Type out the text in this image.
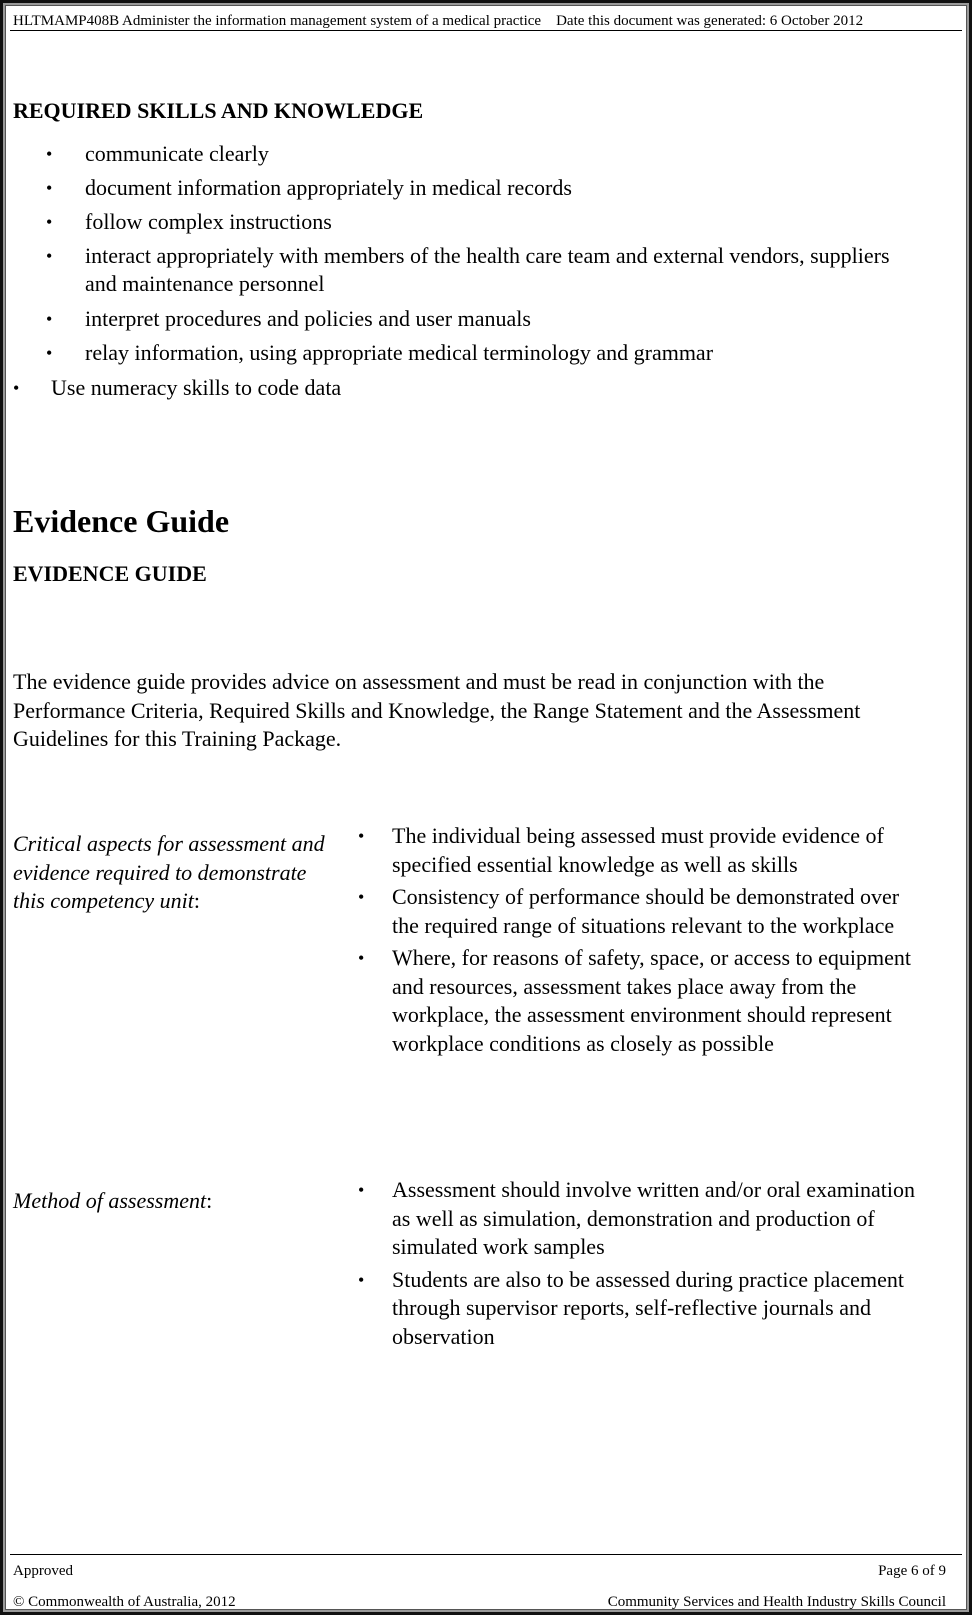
HLTMAMP408B Administer the information management system of a medical practice Date this document was generated: 6 October 2012
REQUIRED SKILLS AND KNOWLEDGE
• communicate clearly
• document information appropriately in medical records
• follow complex instructions
• interact appropriately with members of the health care team and external vendors, suppliers and maintenance personnel
• interpret procedures and policies and user manuals
• relay information, using appropriate medical terminology and grammar
• Use numeracy skills to code data
Evidence Guide
EVIDENCE GUIDE
The evidence guide provides advice on assessment and must be read in conjunction with the Performance Criteria, Required Skills and Knowledge, the Range Statement and the Assessment Guidelines for this Training Package.
Critical aspects for assessment and evidence required to demonstrate this competency unit:
• The individual being assessed must provide evidence of specified essential knowledge as well as skills
• Consistency of performance should be demonstrated over the required range of situations relevant to the workplace
• Where, for reasons of safety, space, or access to equipment and resources, assessment takes place away from the workplace, the assessment environment should represent workplace conditions as closely as possible
Method of assessment:	• Assessment should involve written and/or oral examination as well as simulation, demonstration and production of simulated work samples
• Students are also to be assessed during practice placement through supervisor reports, self-reflective journals and observation
Approved	Page 6 of 9
© Commonwealth of Australia, 2012	Community Services and Health Industry Skills Council
